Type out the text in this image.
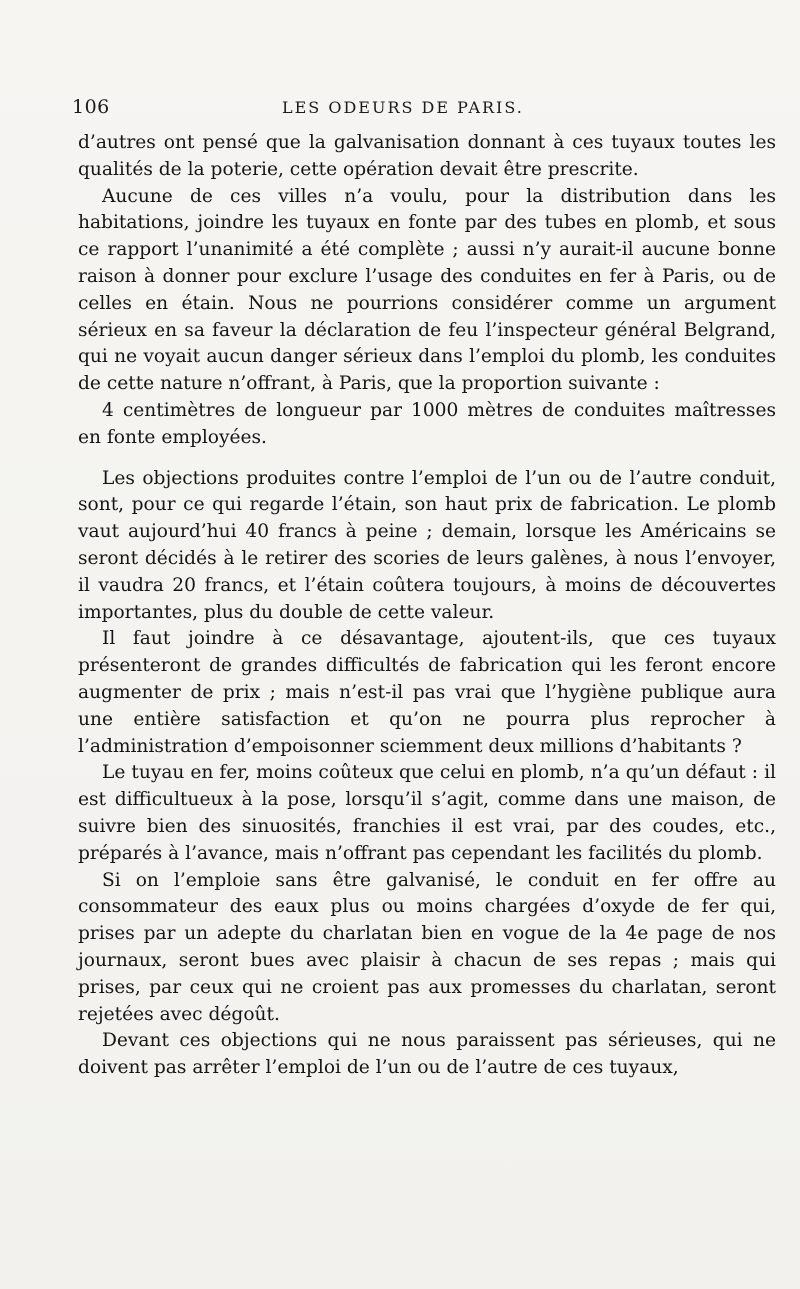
106	LES ODEURS DE PARIS.

d’autres ont pensé que la galvanisation donnant à ces tuyaux toutes les qualités de la poterie, cette opération devait être prescrite.

Aucune de ces villes n’a voulu, pour la distribution dans les habitations, joindre les tuyaux en fonte par des tubes en plomb, et sous ce rapport l’unanimité a été complète ; aussi n’y aurait-il aucune bonne raison à donner pour exclure l’usage des conduites en fer à Paris, ou de celles en étain. Nous ne pourrions considérer comme un argument sérieux en sa faveur la déclaration de feu l’inspecteur général Belgrand, qui ne voyait aucun danger sérieux dans l’emploi du plomb, les conduites de cette nature n’offrant, à Paris, que la proportion suivante :

4 centimètres de longueur par 1000 mètres de conduites maîtresses en fonte employées.

Les objections produites contre l’emploi de l’un ou de l’autre conduit, sont, pour ce qui regarde l’étain, son haut prix de fabrication. Le plomb vaut aujourd’hui 40 francs à peine ; demain, lorsque les Américains se seront décidés à le retirer des scories de leurs galènes, à nous l’envoyer, il vaudra 20 francs, et l’étain coûtera toujours, à moins de découvertes importantes, plus du double de cette valeur.

Il faut joindre à ce désavantage, ajoutent-ils, que ces tuyaux présenteront de grandes difficultés de fabrication qui les feront encore augmenter de prix ; mais n’est-il pas vrai que l’hygiène publique aura une entière satisfaction et qu’on ne pourra plus reprocher à l’administration d’empoisonner sciemment deux millions d’habitants ?

Le tuyau en fer, moins coûteux que celui en plomb, n’a qu’un défaut : il est difficultueux à la pose, lorsqu’il s’agit, comme dans une maison, de suivre bien des sinuosités, franchies il est vrai, par des coudes, etc., préparés à l’avance, mais n’offrant pas cependant les facilités du plomb.

Si on l’emploie sans être galvanisé, le conduit en fer offre au consommateur des eaux plus ou moins chargées d’oxyde de fer qui, prises par un adepte du charlatan bien en vogue de la 4e page de nos journaux, seront bues avec plaisir à chacun de ses repas ; mais qui prises, par ceux qui ne croient pas aux promesses du charlatan, seront rejetées avec dégoût.

Devant ces objections qui ne nous paraissent pas sérieuses, qui ne doivent pas arrêter l’emploi de l’un ou de l’autre de ces tuyaux,
